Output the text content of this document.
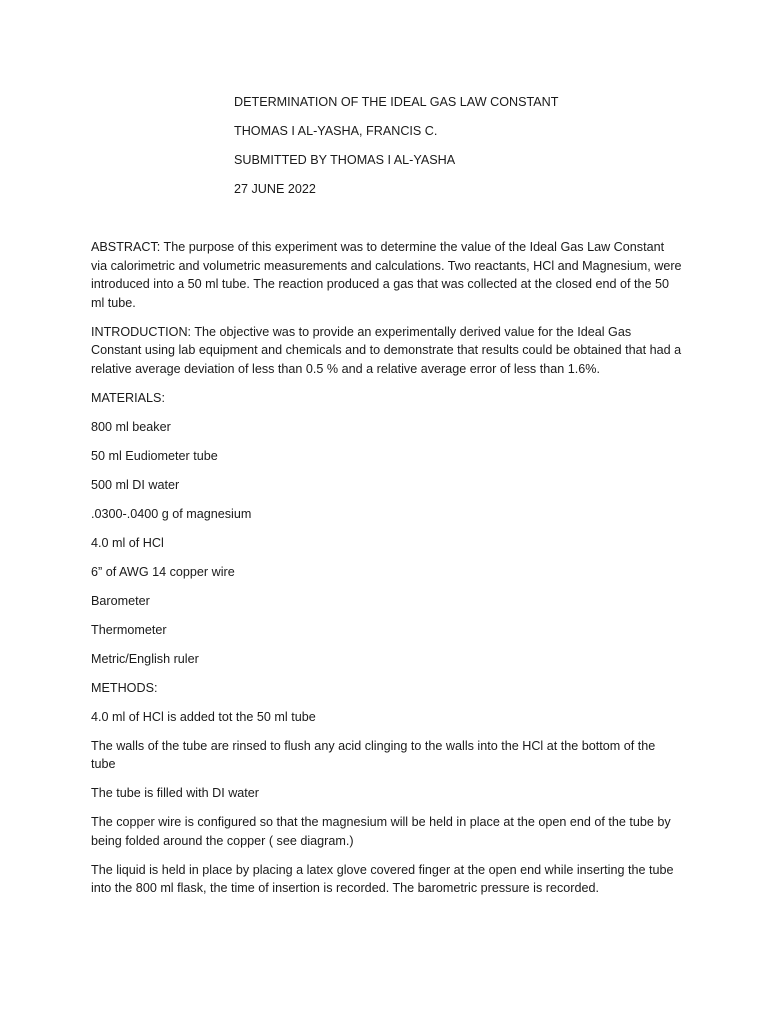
DETERMINATION OF THE IDEAL GAS LAW CONSTANT

THOMAS I AL-YASHA, FRANCIS C.

SUBMITTED BY THOMAS I AL-YASHA

27 JUNE 2022

ABSTRACT: The purpose of this experiment was to determine the value of the Ideal Gas Law Constant via calorimetric and volumetric measurements and calculations. Two reactants, HCl and Magnesium, were introduced into a 50 ml tube. The reaction produced a gas that was collected at the closed end of the 50 ml tube.

INTRODUCTION: The objective was to provide an experimentally derived value for the Ideal Gas Constant using lab equipment and chemicals and to demonstrate that results could be obtained that had a relative average deviation of less than 0.5 % and a relative average error of less than 1.6%.

MATERIALS:

800 ml beaker

50 ml Eudiometer tube

500 ml DI water

.0300-.0400 g of magnesium

4.0 ml of HCl

6” of AWG 14 copper wire

Barometer

Thermometer

Metric/English ruler

METHODS:

4.0 ml of HCl is added tot the 50 ml tube

The walls of the tube are rinsed to flush any acid clinging to the walls into the HCl at the bottom of the tube

The tube is filled with DI water

The copper wire is configured so that the magnesium will be held in place at the open end of the tube by being folded around the copper ( see diagram.)

The liquid is held in place by placing a latex glove covered finger at the open end while inserting the tube into the 800 ml flask, the time of insertion is recorded. The barometric pressure is recorded.
